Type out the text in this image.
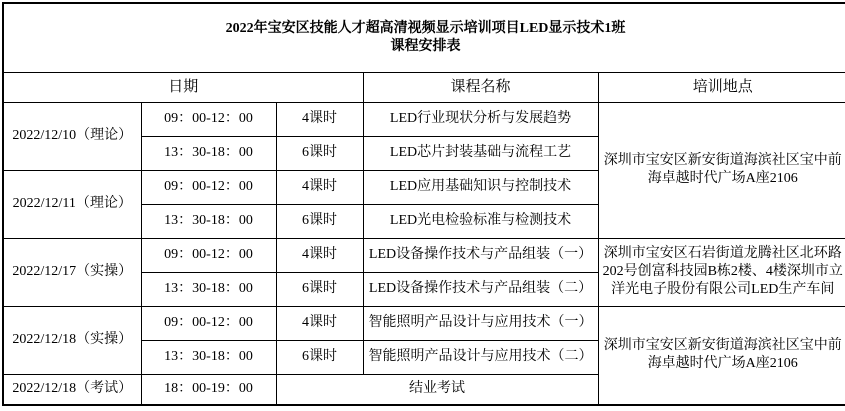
2022年宝安区技能人才超高清视频显示培训项目LED显示技术1班
课程安排表				

日期			课程名称	培训地点
2022/12/10（理论）	09：00-12：00	4课时	LED行业现状分析与发展趋势	深圳市宝安区新安街道海滨社区宝中前海卓越时代广场A座2106
	13：30-18：00	6课时	LED芯片封装基础与流程工艺	
2022/12/11（理论）	09：00-12：00	4课时	LED应用基础知识与控制技术	
	13：30-18：00	6课时	LED光电检验标准与检测技术	
2022/12/17（实操）	09：00-12：00	4课时	LED设备操作技术与产品组装（一）	深圳市宝安区石岩街道龙腾社区北环路202号创富科技园B栋2楼、4楼深圳市立洋光电子股份有限公司LED生产车间
	13：30-18：00	6课时	LED设备操作技术与产品组装（二）	
2022/12/18（实操）	09：00-12：00	4课时	智能照明产品设计与应用技术（一）	深圳市宝安区新安街道海滨社区宝中前海卓越时代广场A座2106
	13：30-18：00	6课时	智能照明产品设计与应用技术（二）	
2022/12/18（考试）	18：00-19：00	结业考试		
